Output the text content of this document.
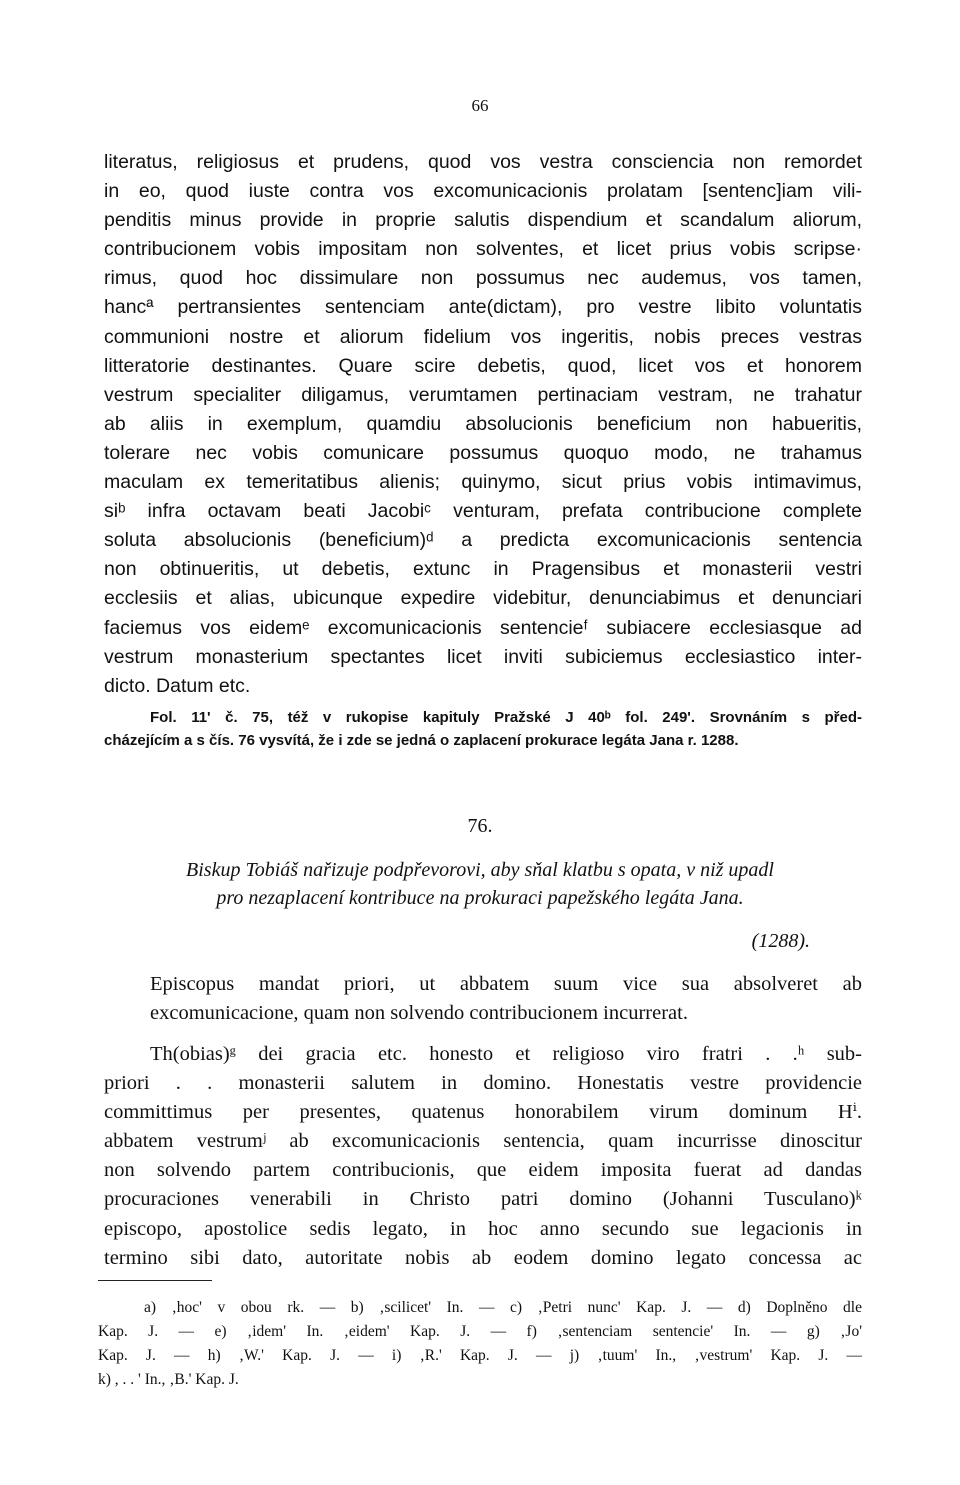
66
literatus, religiosus et prudens, quod vos vestra consciencia non remordet
in eo, quod iuste contra vos excomunicacionis prolatam [sentenc]iam vili-
penditis minus provide in proprie salutis dispendium et scandalum aliorum,
contribucionem vobis impositam non solventes, et licet prius vobis scripse·
rimus, quod hoc dissimulare non possumus nec audemus, vos tamen,
hancª pertransientes sentenciam ante(dictam), pro vestre libito voluntatis
communioni nostre et aliorum fidelium vos ingeritis, nobis preces vestras
litteratorie destinantes. Quare scire debetis, quod, licet vos et honorem
vestrum specialiter diligamus, verumtamen pertinaciam vestram, ne trahatur
ab aliis in exemplum, quamdiu absolucionis beneficium non habueritis,
tolerare nec vobis comunicare possumus quoquo modo, ne trahamus
maculam ex temeritatibus alienis; quinymo, sicut prius vobis intimavimus,
siᵇ infra octavam beati Jacobiᶜ venturam, prefata contribucione complete
soluta absolucionis (beneficium)ᵈ a predicta excomunicacionis sentencia
non obtinueritis, ut debetis, extunc in Pragensibus et monasterii vestri
ecclesiis et alias, ubicunque expedire videbitur, denunciabimus et denunciari
faciemus vos eidemᵉ excomunicacionis sentencieᶠ subiacere ecclesiasque ad
vestrum monasterium spectantes licet inviti subiciemus ecclesiastico inter-
dicto. Datum etc.
Fol. 11' č. 75, též v rukopise kapituly Pražské J 40ᵇ fol. 249'. Srovnáním s před-
cházejícím a s čís. 76 vysvítá, že i zde se jedná o zaplacení prokurace legáta Jana r. 1288.
76.
Biskup Tobiáš nařizuje podpřevorovi, aby sňal klatbu s opata, v niž upadl
pro nezaplacení kontribuce na prokuraci papežského legáta Jana.
(1288).
Episcopus mandat priori, ut abbatem suum vice sua absolveret ab
excomunicacione, quam non solvendo contribucionem incurrerat.
Th(obias)ᵍ dei gracia etc. honesto et religioso viro fratri . .ʰ sub-
priori . . monasterii salutem in domino. Honestatis vestre providencie
committimus per presentes, quatenus honorabilem virum dominum Hⁱ.
abbatem vestrumʲ ab excomunicacionis sentencia, quam incurrisse dinoscitur
non solvendo partem contribucionis, que eidem imposita fuerat ad dandas
procuraciones venerabili in Christo patri domino (Johanni Tusculano)ᵏ
episcopo, apostolice sedis legato, in hoc anno secundo sue legacionis in
termino sibi dato, autoritate nobis ab eodem domino legato concessa ac
a) ‚hoc' v obou rk. — b) ‚scilicet' In. — c) ‚Petri nunc' Kap. J. — d) Doplněno dle
Kap. J. — e) ‚idem' In. ‚eidem' Kap. J. — f) ‚sentenciam sentencie' In. — g) ‚Jo'
Kap. J. — h) ‚W.' Kap. J. — i) ‚R.' Kap. J. — j) ‚tuum' In., ‚vestrum' Kap. J. —
k) , . . ' In., ‚B.' Kap. J.
